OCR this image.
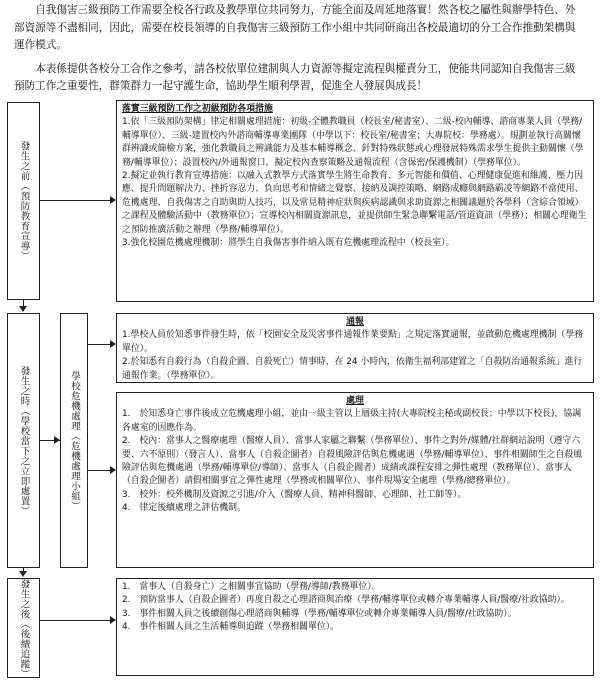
自我傷害三級預防工作需要全校各行政及教學單位共同努力，方能全面及周延地落實！然各校之屬性與辦學特色、外部資源等不盡相同，因此，需要在校長領導的自我傷害三級預防工作小組中共同研商出各校最適切的分工合作推動架構與運作模式。

本表係提供各校分工合作之參考，請各校依單位建制與人力資源等擬定流程與權責分工，使能共同認知自我傷害三級預防工作之重要性，群策群力一起守護生命，協助學生順利學習，促進全人發展與成長！

發生之前（預防教育宣導）
發生之時（學校當下之立即處置）	學校危機處理（危機處理小組）
發生之後（後續追蹤）

落實三級預防工作之初級預防各項措施

1.依「三級預防架構」律定相關處理措施：初級-全體教職員（校長室/秘書室）、二級-校內輔導、諮商專業人員（學務/輔導單位）、三級-建置校內外諮商輔導專業團隊（中學以下：校長室/秘書室；大專院校：學務處）。規劃並執行高關懷群辨識或篩檢方案，強化教職員之辨識能力及基本輔導概念、針對特殊狀態或心理發展特殊需求學生提供主動關懷（學務/輔導單位）；設置校內/外通報窗口，擬定校內查察策略及通報流程（含保密/保護機制）（學務單位）。

2.擬定並執行教育宣導措施：以融入式教學方式落實學生將生命教育、多元智能和價值、心理健康促進和維護、壓力因應、提升問題解決力、挫折容忍力、負向思考和情緒之覺察、接納及調控策略、網路成癮與網路霸凌等網路不當使用、危機處理、自我傷害之自助與助人技巧，以及常見精神症狀與疾病認識與求助資源之相關議題於各學科（含綜合領域）之課程及體驗活動中（教務單位）；宣導校內相關資源訊息，並提供師生緊急聯繫電話/管道資訊（學務）；相關心理衛生之預防推廣活動之辦理（學務/輔導單位）。

3.強化校園危機處理機制：將學生自我傷害事件納入既有危機處理流程中（校長室）。

通報

1.學校人員於知悉事件發生時，依「校園安全及災害事件通報作業要點」之規定落實通報，並啟動危機處理機制（學務單位）。

2.於知悉有自殺行為（自殺企圖、自殺死亡）情事時，在 24 小時內，依衛生福利部建置之「自殺防治通報系統」進行通報作業。（學務單位）。

處理

1.　於知悉身亡事件後成立危機處理小組，並由一級主管以上層級主持(大專院校主秘或副校長；中學以下校長)，協調各處室的因應作為。

2.　校內：當事人之醫療處理（醫療人員）、當事人家屬之聯繫（學務單位）、事件之對外/媒體/社群網站說明（遵守六要、六不原則）（發言人）、當事人（自殺企圖者）自殺風險評估與危機處遇（學務/輔導單位）、事件相關師生之自殺風險評估與危機處遇（學務/輔導單位/導師）、當事人（自殺企圖者）成績或課程安排之彈性處理（教務單位）、當事人（自殺企圖者）請假相關事宜之彈性處理（學務或相關單位）、事件現場安全處理（學務/總務單位）。

3.　校外：校外機制及資源之引進/介入（醫療人員、精神科醫師、心理師、社工師等）。

4.　律定後續處理之評估機制。

1.　當事人（自殺身亡）之相關事宜協助（學務/導師/教務單位）。

2.　預防當事人（自殺企圖者）再度自殺之心理諮商與治療（學務/輔導單位或轉介專業輔導人員/醫療/社政協助）。

3.　事件相關人員之後續創傷心理諮商與輔導（學務/輔導單位或轉介專業輔導人員/醫療/社政協助）。

4.　事件相關人員之生活輔導與追蹤（學務相關單位）。
